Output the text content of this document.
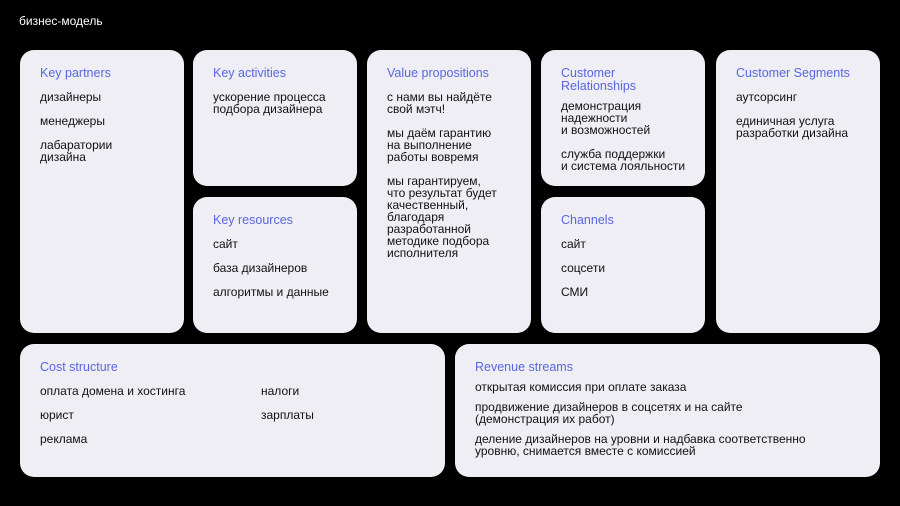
бизнес-модель
Key partners
дизайнеры
менеджеры
лабаратории
дизайна
Key activities
ускорение процесса
подбора дизайнера
Key resources
сайт
база дизайнеров
алгоритмы и данные
Value propositions
с нами вы найдёте
свой мэтч!
мы даём гарантию
на выполнение
работы вовремя
мы гарантируем,
что результат будет
качественный,
благодаря
разработанной
методике подбора
исполнителя
Customer
Relationships
демонстрация
надежности
и возможностей
служба поддержки
и система лояльности
Channels
сайт
соцсети
СМИ
Customer Segments
аутсорсинг
единичная услуга
разработки дизайна
Cost structure
оплата домена и хостинга
юрист
реклама
налоги
зарплаты
Revenue streams
открытая комиссия при оплате заказа
продвижение дизайнеров в соцсетях и на сайте
(демонстрация их работ)
деление дизайнеров на уровни и надбавка соответственно
уровню, снимается вместе с комиссией
